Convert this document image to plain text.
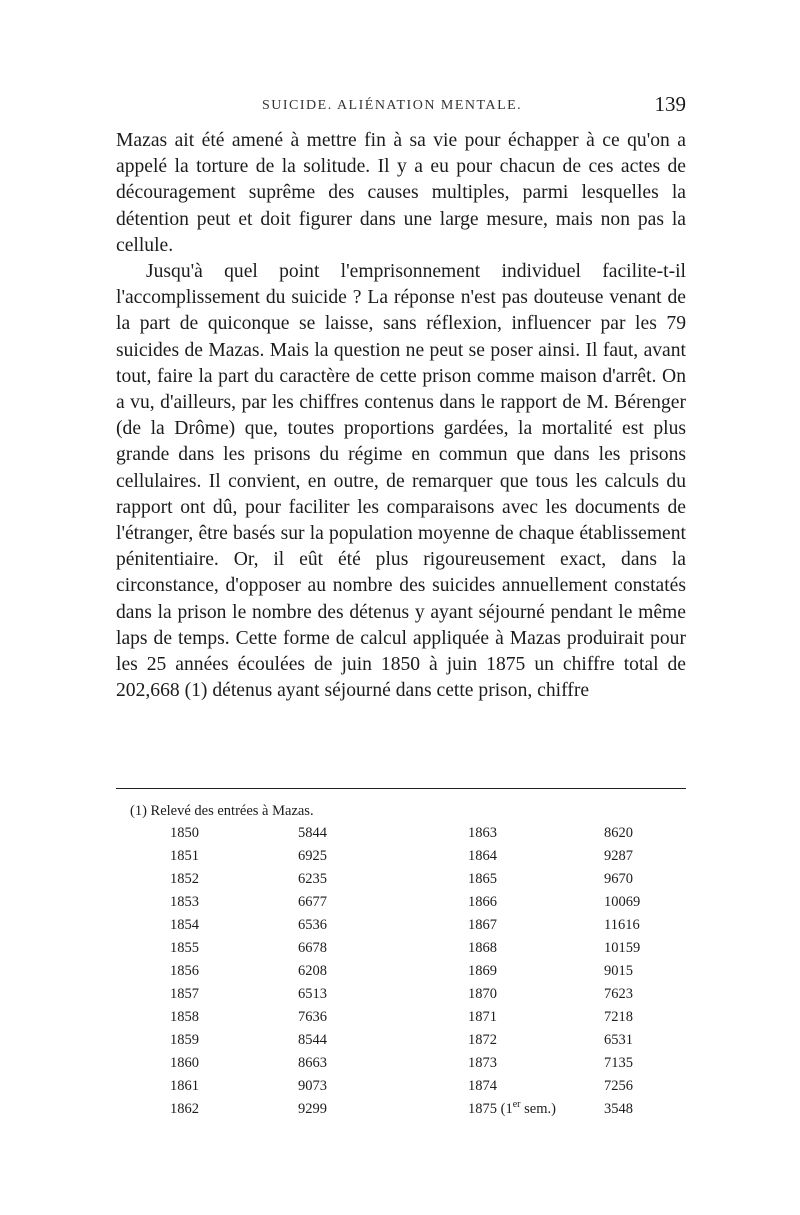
SUICIDE. ALIÉNATION MENTALE.	139

Mazas ait été amené à mettre fin à sa vie pour échapper à ce qu'on a appelé la torture de la solitude. Il y a eu pour chacun de ces actes de découragement suprême des causes multiples, parmi lesquelles la détention peut et doit figurer dans une large mesure, mais non pas la cellule.

Jusqu'à quel point l'emprisonnement individuel facilite-t-il l'accomplissement du suicide ? La réponse n'est pas douteuse venant de la part de quiconque se laisse, sans réflexion, influencer par les 79 suicides de Mazas. Mais la question ne peut se poser ainsi. Il faut, avant tout, faire la part du caractère de cette prison comme maison d'arrêt. On a vu, d'ailleurs, par les chiffres contenus dans le rapport de M. Bérenger (de la Drôme) que, toutes proportions gardées, la mortalité est plus grande dans les prisons du régime en commun que dans les prisons cellulaires. Il convient, en outre, de remarquer que tous les calculs du rapport ont dû, pour faciliter les comparaisons avec les documents de l'étranger, être basés sur la population moyenne de chaque établissement pénitentiaire. Or, il eût été plus rigoureusement exact, dans la circonstance, d'opposer au nombre des suicides annuellement constatés dans la prison le nombre des détenus y ayant séjourné pendant le même laps de temps. Cette forme de calcul appliquée à Mazas produirait pour les 25 années écoulées de juin 1850 à juin 1875 un chiffre total de 202,668 (1) détenus ayant séjourné dans cette prison, chiffre

(1) Relevé des entrées à Mazas.
1850	5844	1863	8620
1851	6925	1864	9287
1852	6235	1865	9670
1853	6677	1866	10069
1854	6536	1867	11616
1855	6678	1868	10159
1856	6208	1869	9015
1857	6513	1870	7623
1858	7636	1871	7218
1859	8544	1872	6531
1860	8663	1873	7135
1861	9073	1874	7256
1862	9299	1875 (1er sem.)	3548
